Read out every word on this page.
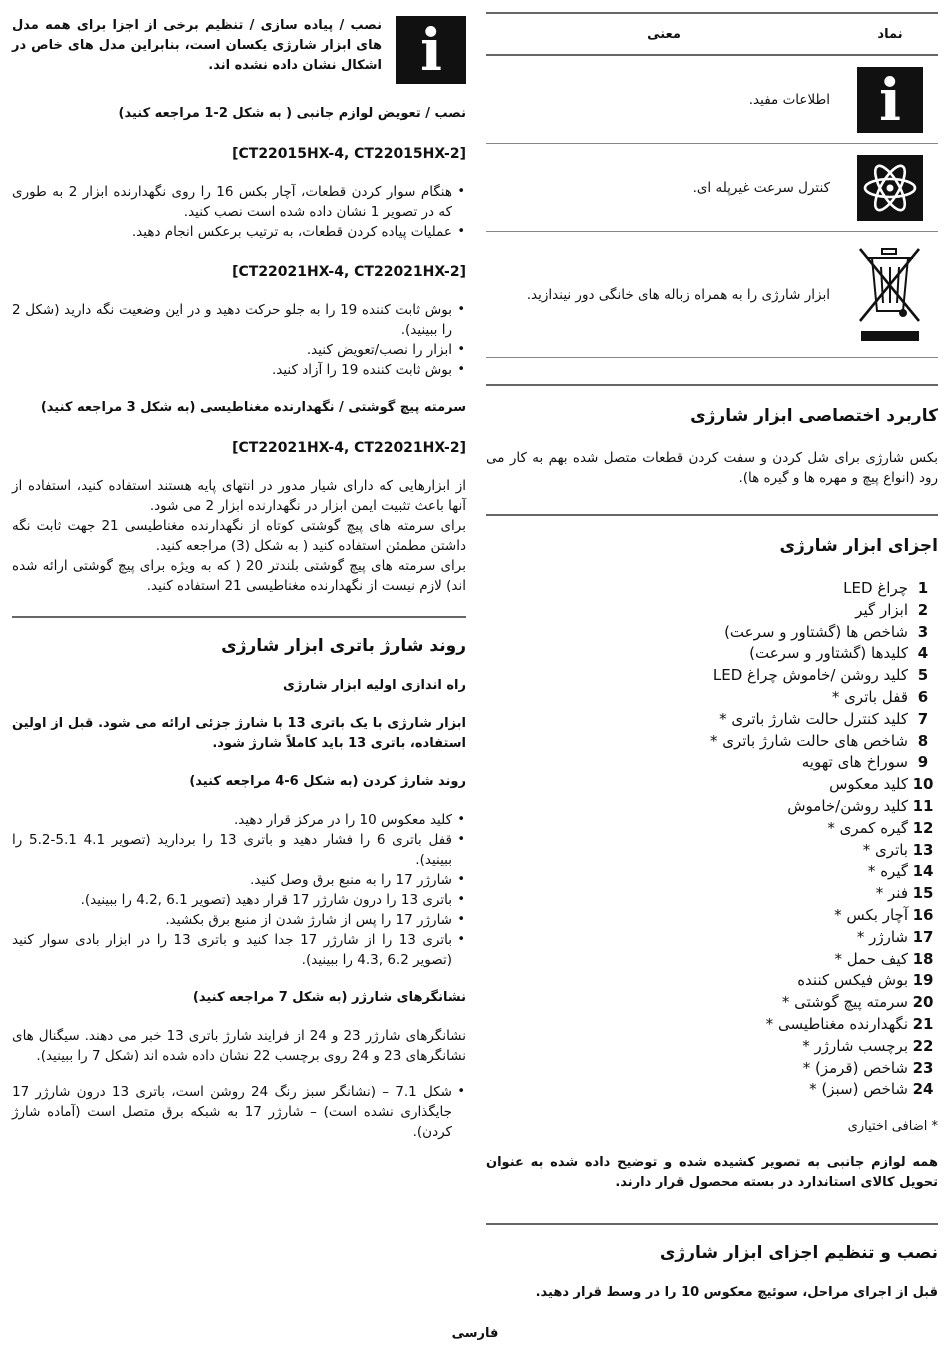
نماد
معنی
i
اطلاعات مفید.
کنترل سرعت غیرپله ای.
ابزار شارژی را به همراه زباله های خانگی دور نیندازید.
کاربرد اختصاصی ابزار شارژی

بکس شارژی برای شل کردن و سفت کردن قطعات متصل شده بهم به کار می رود (انواع پیچ و مهره ها و گیره ها).

اجزای ابزار شارژی
1
چراغ LED
2
ابزار گیر
3
شاخص ها (گشتاور و سرعت)
4
کلیدها (گشتاور و سرعت)
5
کلید روشن /خاموش چراغ LED
6
قفل باتری *
7
کلید کنترل حالت شارژ باتری *
8
شاخص های حالت شارژ باتری *
9
سوراخ های تهویه
10
کلید معکوس
11
کلید روشن/خاموش
12
گیره کمری *
13
باتری *
14
گیره *
15
فنر *
16
آچار بکس *
17
شارژر *
18
کیف حمل *
19
بوش فیکس کننده
20
سرمته پیچ گوشتی *
21
نگهدارنده مغناطیسی *
22
برچسب شارژر *
23
شاخص (قرمز) *
24
شاخص (سبز) *

* اضافی اختیاری

همه لوازم جانبی به تصویر کشیده شده و توضیح داده شده به عنوان تحویل کالای استاندارد در بسته محصول قرار دارند.

نصب و تنظیم اجزای ابزار شارژی

قبل از اجرای مراحل، سوئیچ معکوس 10 را در وسط قرار دهید.

i

نصب / پیاده سازی / تنظیم برخی از اجزا برای همه مدل های ابزار شارژی یکسان است، بنابراین مدل های خاص در اشکال نشان داده نشده اند.

نصب / تعویض لوازم جانبی ( به شکل 2-1 مراجعه کنید)
[CT22015HX-4, CT22015HX-2]
• هنگام سوار کردن قطعات، آچار بکس 16 را روی نگهدارنده ابزار 2 به طوری که در تصویر 1 نشان داده شده است نصب کنید.
• عملیات پیاده کردن قطعات، به ترتیب برعکس انجام دهید.
[CT22021HX-4, CT22021HX-2]
• بوش ثابت کننده 19 را به جلو حرکت دهید و در این وضعیت نگه دارید (شکل 2 را ببینید).
• ابزار را نصب/تعویض کنید.
• بوش ثابت کننده 19 را آزاد کنید.
سرمته پیچ گوشتی / نگهدارنده مغناطیسی (به شکل 3 مراجعه کنید)
[CT22021HX-4, CT22021HX-2]

از ابزارهایی که دارای شیار مدور در انتهای پایه هستند استفاده کنید، استفاده از آنها باعث تثبیت ایمن ابزار در نگهدارنده ابزار 2 می شود.

برای سرمته های پیچ گوشتی کوتاه از نگهدارنده مغناطیسی 21 جهت ثابت نگه داشتن مطمئن استفاده کنید ( به شکل (3) مراجعه کنید.

برای سرمته های پیچ گوشتی بلندتر 20 ( که به ویژه برای پیچ گوشتی ارائه شده اند) لازم نیست از نگهدارنده مغناطیسی 21 استفاده کنید.

روند شارژ باتری ابزار شارژی
راه اندازی اولیه ابزار شارژی

ابزار شارژی با یک باتری 13 با شارژ جزئی ارائه می شود. قبل از اولین استفاده، باتری 13 باید کاملاً شارژ شود.

روند شارژ کردن (به شکل 6-4 مراجعه کنید)
• کلید معکوس 10 را در مرکز قرار دهید.
• قفل باتری 6 را فشار دهید و باتری 13 را بردارید (تصویر 4.1 5.1-5.2 را ببینید).
• شارژر 17 را به منبع برق وصل کنید.
• باتری 13 را درون شارژر 17 قرار دهید (تصویر 6.1 ,4.2 را ببینید).
• شارژر 17 را پس از شارژ شدن از منبع برق بکشید.
• باتری 13 را از شارژر 17 جدا کنید و باتری 13 را در ابزار بادی سوار کنید (تصویر 6.2 ,4.3 را ببینید).
نشانگرهای شارژر (به شکل 7 مراجعه کنید)

نشانگرهای شارژر 23 و 24 از فرایند شارژ باتری 13 خبر می دهند. سیگنال های نشانگرهای 23 و 24 روی برچسب 22 نشان داده شده اند (شکل 7 را ببینید).

• شکل 7.1 – (نشانگر سبز رنگ 24 روشن است، باتری 13 درون شارژر 17 جایگذاری نشده است) – شارژر 17 به شبکه برق متصل است (آماده شارژ کردن).
فارسی
